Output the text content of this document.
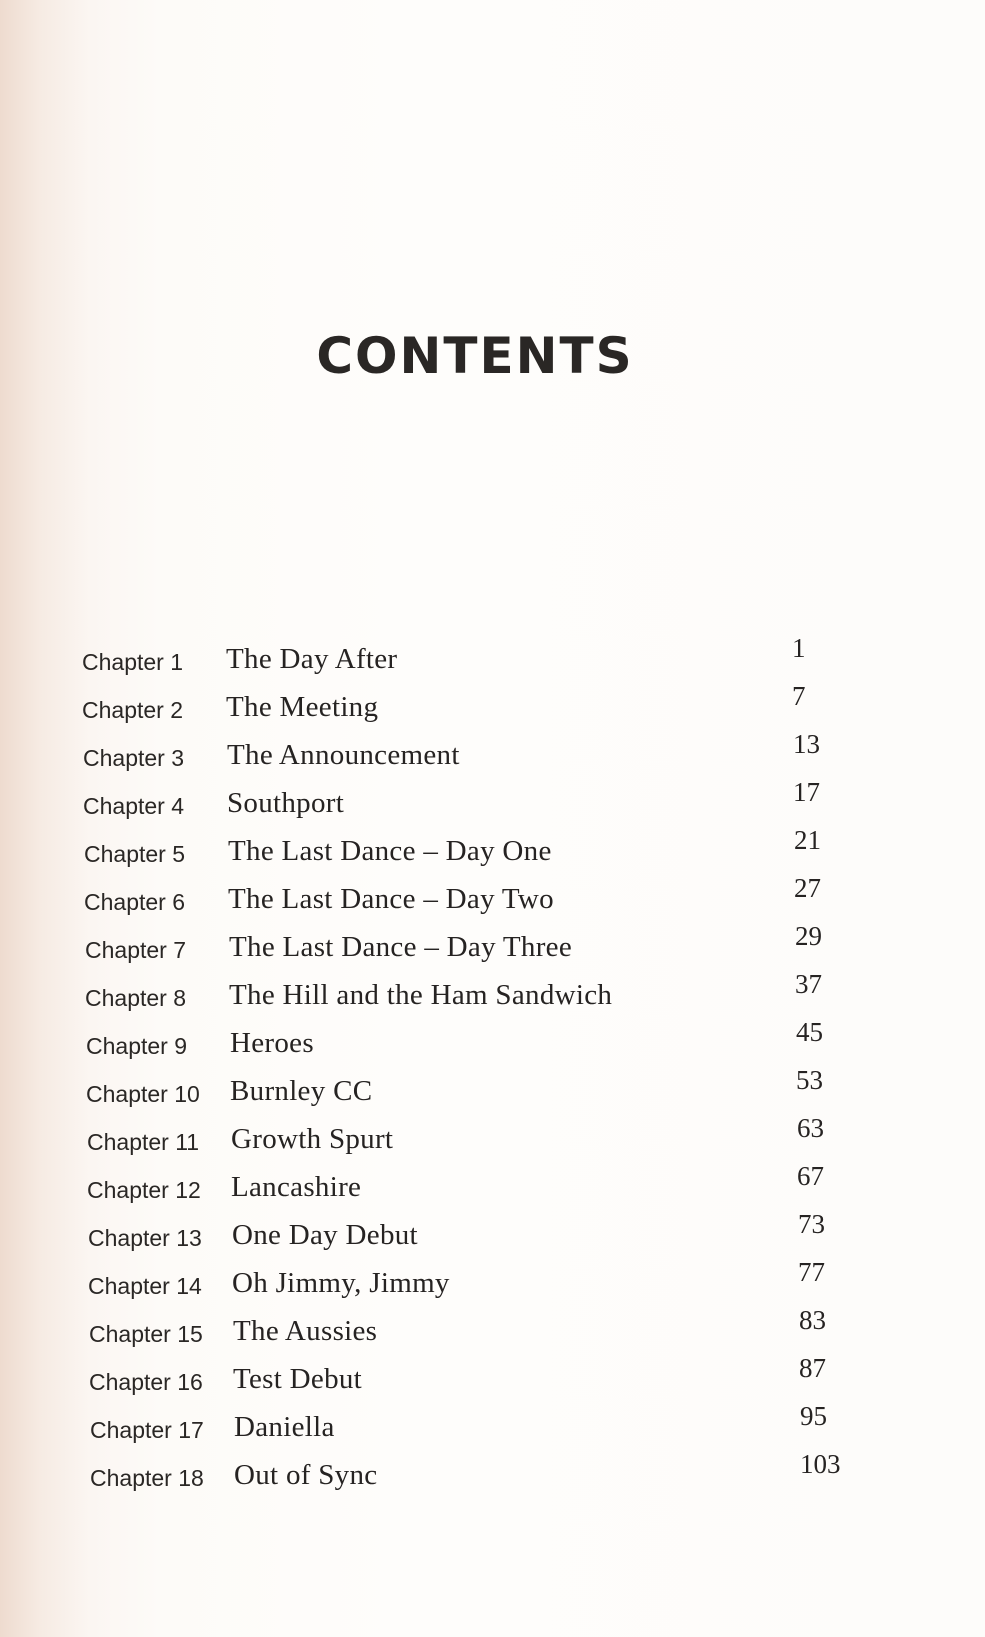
CONTENTS
Chapter 1 The Day After	1
Chapter 2 The Meeting	7
Chapter 3 The Announcement	13
Chapter 4 Southport	17
Chapter 5 The Last Dance – Day One	21
Chapter 6 The Last Dance – Day Two	27
Chapter 7 The Last Dance – Day Three	29
Chapter 8 The Hill and the Ham Sandwich	37
Chapter 9 Heroes	45
Chapter 10 Burnley CC	53
Chapter 11 Growth Spurt	63
Chapter 12 Lancashire	67
Chapter 13 One Day Debut	73
Chapter 14 Oh Jimmy, Jimmy	77
Chapter 15 The Aussies	83
Chapter 16 Test Debut	87
Chapter 17 Daniella	95
Chapter 18 Out of Sync	103
